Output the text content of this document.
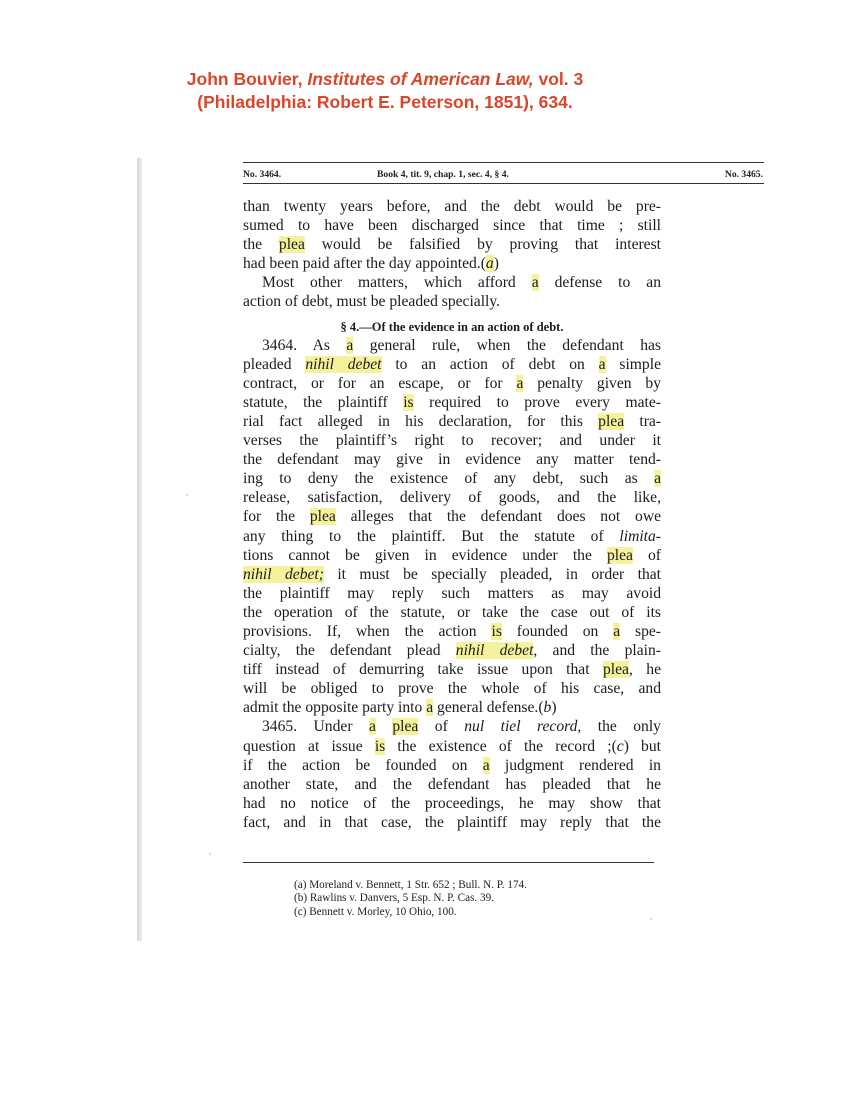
John Bouvier, Institutes of American Law, vol. 3
(Philadelphia: Robert E. Peterson, 1851), 634.
No. 3464.	Book 4, tit. 9, chap. 1, sec. 4, § 4.	No. 3465.
than twenty years before, and the debt would be pre-
sumed to have been discharged since that time ; still
the plea would be falsified by proving that interest
had been paid after the day appointed.(a)
Most other matters, which afford a defense to an
action of debt, must be pleaded specially.
§ 4.—Of the evidence in an action of debt.
3464. As a general rule, when the defendant has
pleaded nihil debet to an action of debt on a simple
contract, or for an escape, or for a penalty given by
statute, the plaintiff is required to prove every mate-
rial fact alleged in his declaration, for this plea tra-
verses the plaintiff’s right to recover; and under it
the defendant may give in evidence any matter tend-
ing to deny the existence of any debt, such as a
release, satisfaction, delivery of goods, and the like,
for the plea alleges that the defendant does not owe
any thing to the plaintiff. But the statute of limita-
tions cannot be given in evidence under the plea of
nihil debet; it must be specially pleaded, in order that
the plaintiff may reply such matters as may avoid
the operation of the statute, or take the case out of its
provisions. If, when the action is founded on a spe-
cialty, the defendant plead nihil debet, and the plain-
tiff instead of demurring take issue upon that plea, he
will be obliged to prove the whole of his case, and
admit the opposite party into a general defense.(b)
3465. Under a plea of nul tiel record, the only
question at issue is the existence of the record ;(c) but
if the action be founded on a judgment rendered in
another state, and the defendant has pleaded that he
had no notice of the proceedings, he may show that
fact, and in that case, the plaintiff may reply that the
(a) Moreland v. Bennett, 1 Str. 652 ; Bull. N. P. 174.
(b) Rawlins v. Danvers, 5 Esp. N. P. Cas. 39.
(c) Bennett v. Morley, 10 Ohio, 100.
